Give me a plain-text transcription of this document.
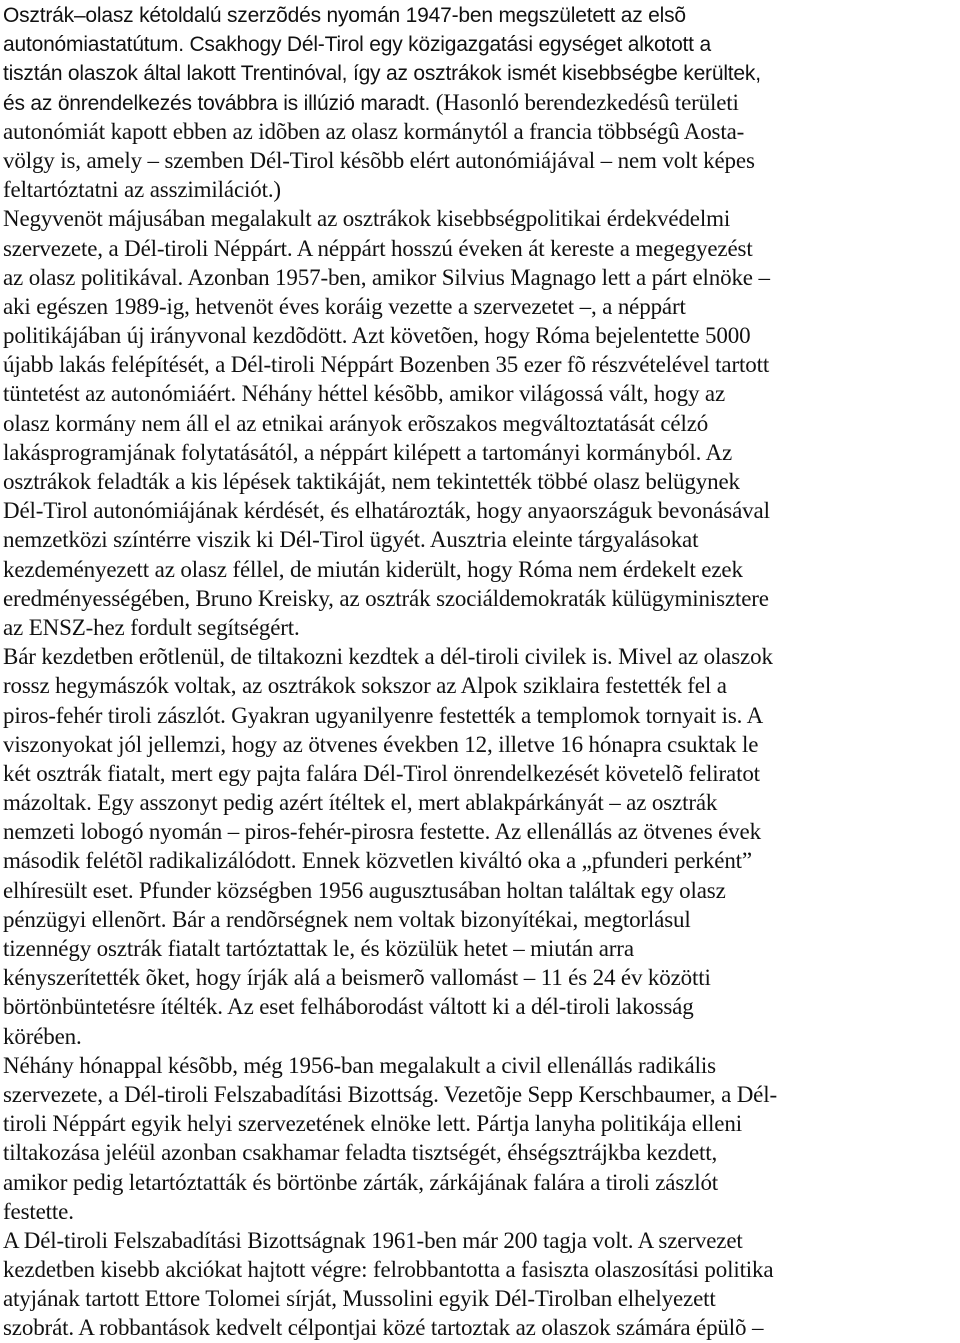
Osztrák–olasz kétoldalú szerzõdés nyomán 1947-ben megszületett az elsõ
autonómiastatútum. Csakhogy Dél-Tirol egy közigazgatási egységet alkotott a
tisztán olaszok által lakott Trentinóval, így az osztrákok ismét kisebbségbe kerültek,
és az önrendelkezés továbbra is illúzió maradt. (Hasonló berendezkedésû területi
autonómiát kapott ebben az idõben az olasz kormánytól a francia többségû Aosta-
völgy is, amely – szemben Dél-Tirol késõbb elért autonómiájával – nem volt képes
feltartóztatni az asszimilációt.)
Negyvenöt májusában megalakult az osztrákok kisebbségpolitikai érdekvédelmi
szervezete, a Dél-tiroli Néppárt. A néppárt hosszú éveken át kereste a megegyezést
az olasz politikával. Azonban 1957-ben, amikor Silvius Magnago lett a párt elnöke –
aki egészen 1989-ig, hetvenöt éves koráig vezette a szervezetet –, a néppárt
politikájában új irányvonal kezdõdött. Azt követõen, hogy Róma bejelentette 5000
újabb lakás felépítését, a Dél-tiroli Néppárt Bozenben 35 ezer fõ részvételével tartott
tüntetést az autonómiáért. Néhány héttel késõbb, amikor világossá vált, hogy az
olasz kormány nem áll el az etnikai arányok erõszakos megváltoztatását célzó
lakásprogramjának folytatásától, a néppárt kilépett a tartományi kormányból. Az
osztrákok feladták a kis lépések taktikáját, nem tekintették többé olasz belügynek
Dél-Tirol autonómiájának kérdését, és elhatározták, hogy anyaországuk bevonásával
nemzetközi színtérre viszik ki Dél-Tirol ügyét. Ausztria eleinte tárgyalásokat
kezdeményezett az olasz féllel, de miután kiderült, hogy Róma nem érdekelt ezek
eredményességében, Bruno Kreisky, az osztrák szociáldemokraták külügyminisztere
az ENSZ-hez fordult segítségért.
Bár kezdetben erõtlenül, de tiltakozni kezdtek a dél-tiroli civilek is. Mivel az olaszok
rossz hegymászók voltak, az osztrákok sokszor az Alpok sziklaira festették fel a
piros-fehér tiroli zászlót. Gyakran ugyanilyenre festették a templomok tornyait is. A
viszonyokat jól jellemzi, hogy az ötvenes években 12, illetve 16 hónapra csuktak le
két osztrák fiatalt, mert egy pajta falára Dél-Tirol önrendelkezését követelõ feliratot
mázoltak. Egy asszonyt pedig azért ítéltek el, mert ablakpárkányát – az osztrák
nemzeti lobogó nyomán – piros-fehér-pirosra festette. Az ellenállás az ötvenes évek
második felétõl radikalizálódott. Ennek közvetlen kiváltó oka a „pfunderi perként”
elhíresült eset. Pfunder községben 1956 augusztusában holtan találtak egy olasz
pénzügyi ellenõrt. Bár a rendõrségnek nem voltak bizonyítékai, megtorlásul
tizennégy osztrák fiatalt tartóztattak le, és közülük hetet – miután arra
kényszerítették õket, hogy írják alá a beismerõ vallomást – 11 és 24 év közötti
börtönbüntetésre ítélték. Az eset felháborodást váltott ki a dél-tiroli lakosság
körében.
Néhány hónappal késõbb, még 1956-ban megalakult a civil ellenállás radikális
szervezete, a Dél-tiroli Felszabadítási Bizottság. Vezetõje Sepp Kerschbaumer, a Dél-
tiroli Néppárt egyik helyi szervezetének elnöke lett. Pártja lanyha politikája elleni
tiltakozása jeléül azonban csakhamar feladta tisztségét, éhségsztrájkba kezdett,
amikor pedig letartóztatták és börtönbe zárták, zárkájának falára a tiroli zászlót
festette.
A Dél-tiroli Felszabadítási Bizottságnak 1961-ben már 200 tagja volt. A szervezet
kezdetben kisebb akciókat hajtott végre: felrobbantotta a fasiszta olaszosítási politika
atyjának tartott Ettore Tolomei sírját, Mussolini egyik Dél-Tirolban elhelyezett
szobrát. A robbantások kedvelt célpontjai közé tartoztak az olaszok számára épülõ –
